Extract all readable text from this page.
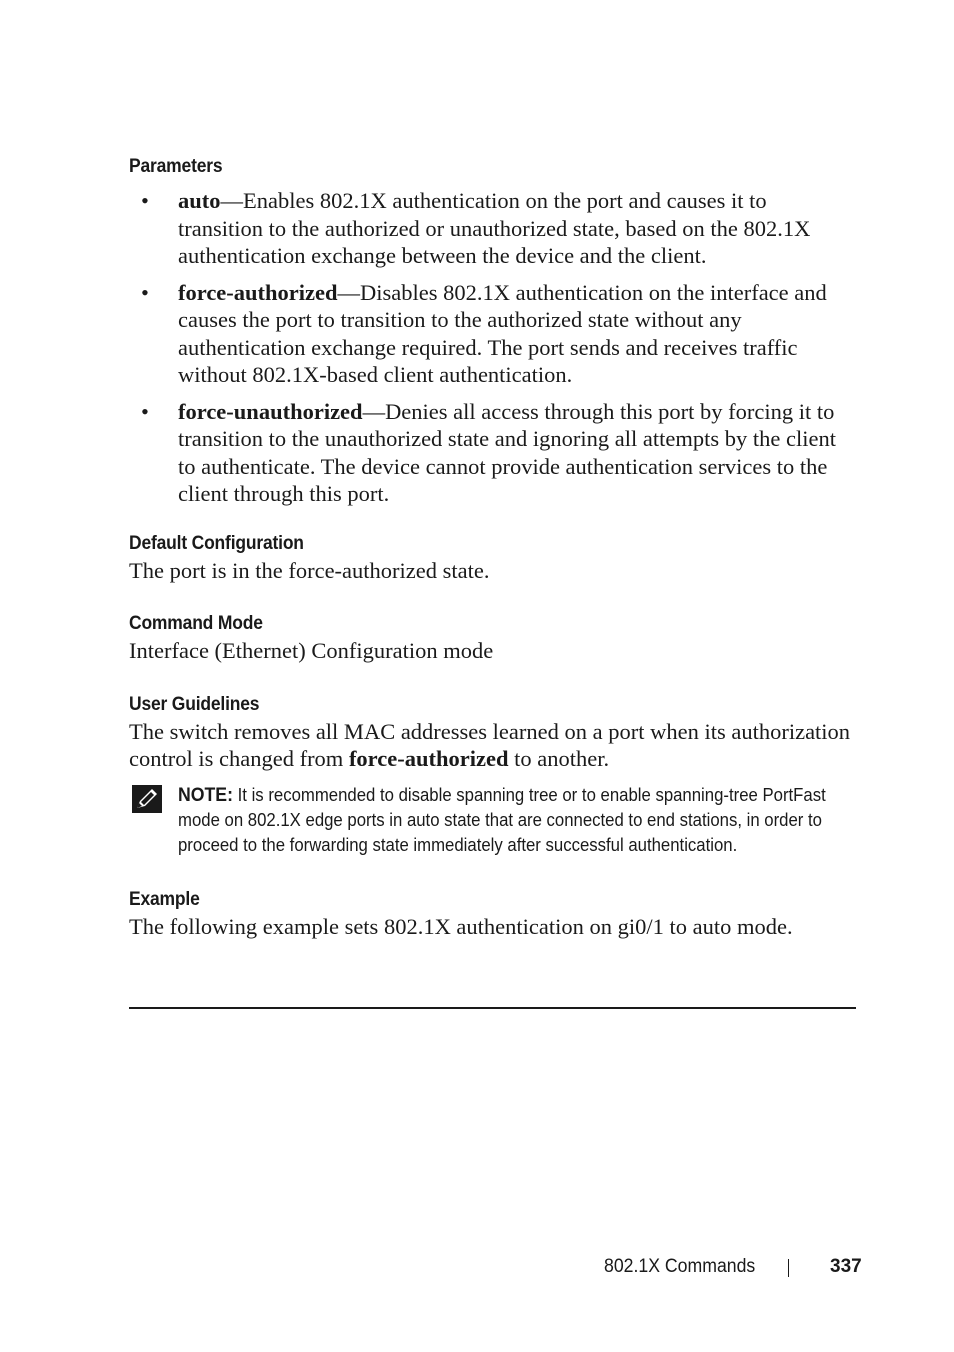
Parameters
• auto—Enables 802.1X authentication on the port and causes it to transition to the authorized or unauthorized state, based on the 802.1X authentication exchange between the device and the client.
• force-authorized—Disables 802.1X authentication on the interface and causes the port to transition to the authorized state without any authentication exchange required. The port sends and receives traffic without 802.1X-based client authentication.
• force-unauthorized—Denies all access through this port by forcing it to transition to the unauthorized state and ignoring all attempts by the client to authenticate. The device cannot provide authentication services to the client through this port.
Default Configuration

The port is in the force-authorized state.

Command Mode

Interface (Ethernet) Configuration mode

User Guidelines

The switch removes all MAC addresses learned on a port when its authorization control is changed from force-authorized to another.

NOTE: It is recommended to disable spanning tree or to enable spanning-tree PortFast mode on 802.1X edge ports in auto state that are connected to end stations, in order to proceed to the forwarding state immediately after successful authentication.

Example

The following example sets 802.1X authentication on gi0/1 to auto mode.

802.1X Commands	337
